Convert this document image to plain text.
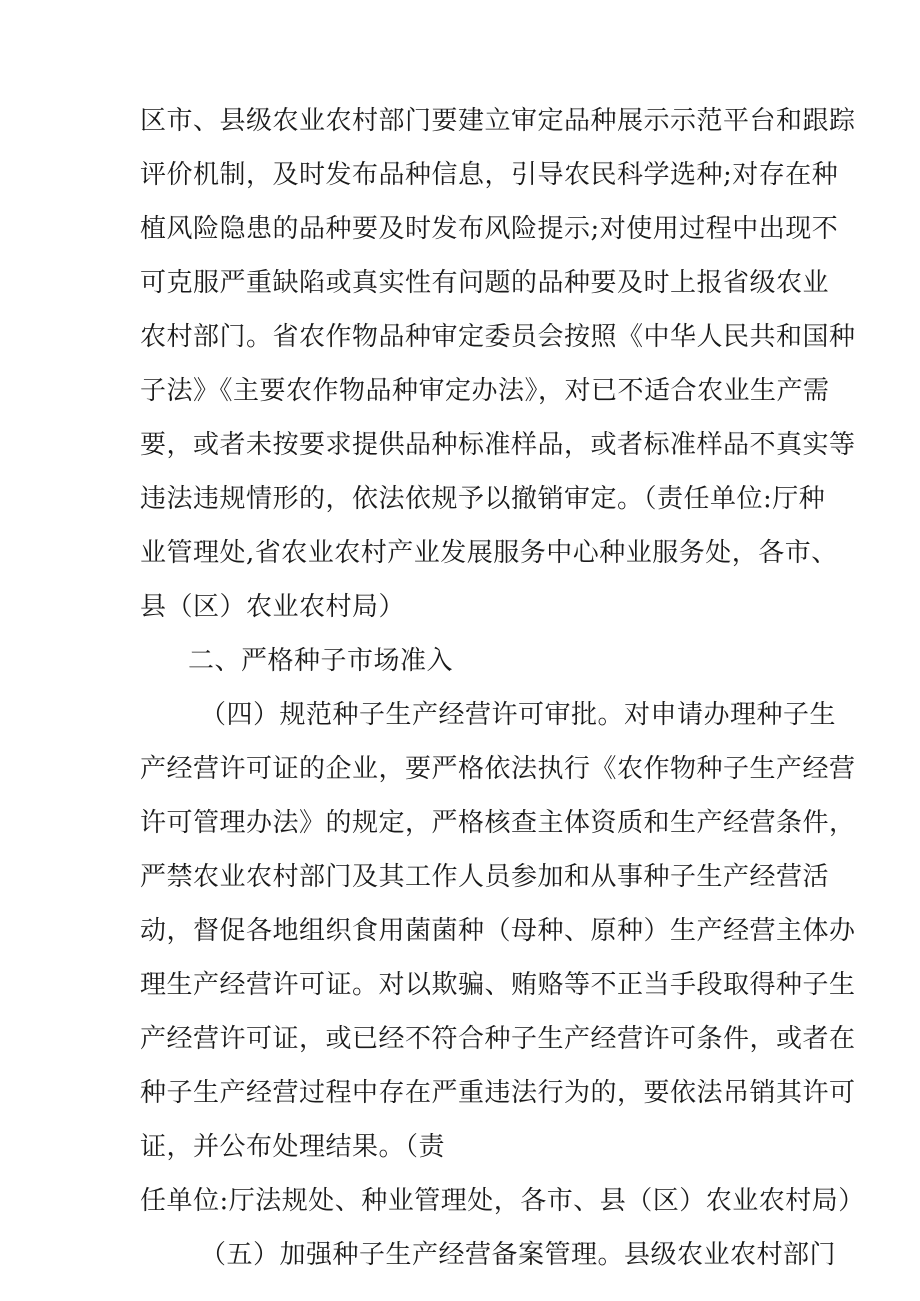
区市、县级农业农村部门要建立审定品种展示示范平台和跟踪
评价机制，及时发布品种信息，引导农民科学选种;对存在种
植风险隐患的品种要及时发布风险提示;对使用过程中出现不
可克服严重缺陷或真实性有问题的品种要及时上报省级农业
农村部门。省农作物品种审定委员会按照《中华人民共和国种
子法》《主要农作物品种审定办法》，对已不适合农业生产需
要，或者未按要求提供品种标准样品，或者标准样品不真实等
违法违规情形的，依法依规予以撤销审定。（责任单位:厅种
业管理处,省农业农村产业发展服务中心种业服务处，各市、
县（区）农业农村局）
二、严格种子市场准入
（四）规范种子生产经营许可审批。对申请办理种子生
产经营许可证的企业，要严格依法执行《农作物种子生产经营
许可管理办法》的规定，严格核查主体资质和生产经营条件，
严禁农业农村部门及其工作人员参加和从事种子生产经营活
动，督促各地组织食用菌菌种（母种、原种）生产经营主体办
理生产经营许可证。对以欺骗、贿赂等不正当手段取得种子生
产经营许可证，或已经不符合种子生产经营许可条件，或者在
种子生产经营过程中存在严重违法行为的，要依法吊销其许可
证，并公布处理结果。（责
任单位:厅法规处、种业管理处，各市、县（区）农业农村局）
（五）加强种子生产经营备案管理。县级农业农村部门
